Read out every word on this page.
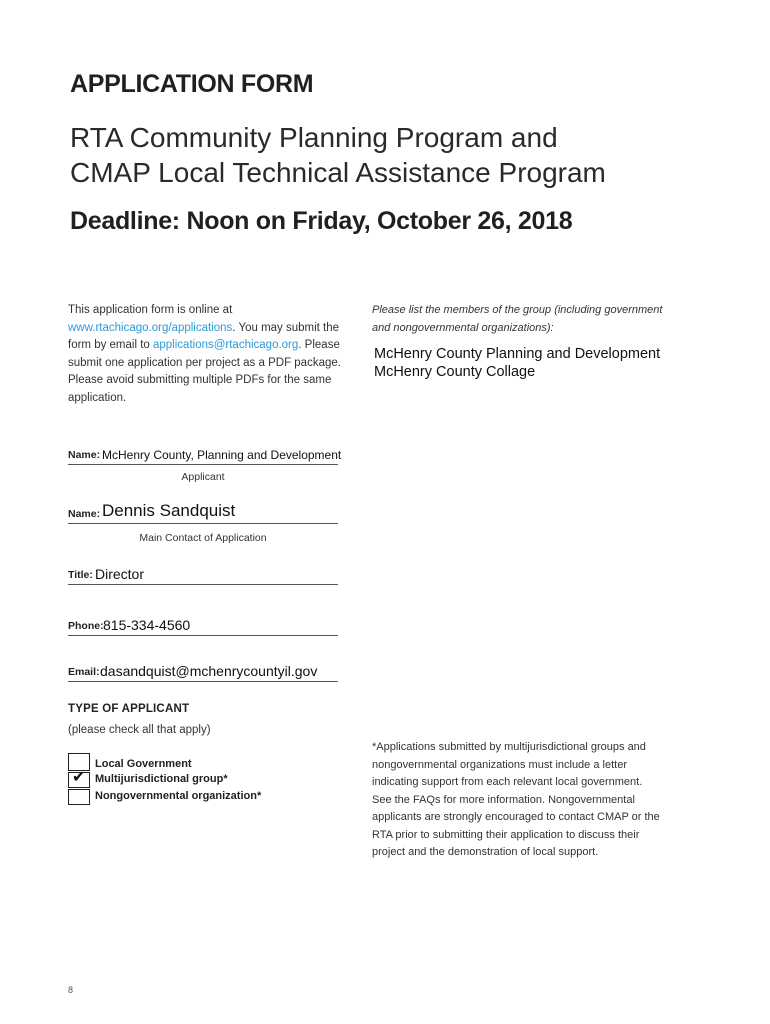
APPLICATION FORM
RTA Community Planning Program and
CMAP Local Technical Assistance Program
Deadline: Noon on Friday, October 26, 2018
This application form is online at www.rtachicago.org/applications. You may submit the form by email to applications@rtachicago.org. Please submit one application per project as a PDF package. Please avoid submitting multiple PDFs for the same application.
Please list the members of the group (including government and nongovernmental organizations):
McHenry County Planning and Development
McHenry County Collage
Name: McHenry County, Planning and Development
Applicant
Name: Dennis Sandquist
Main Contact of Application
Title: Director
Phone: 815-334-4560
Email: dasandquist@mchenrycountyil.gov
TYPE OF APPLICANT
(please check all that apply)
Local Government
✔ Multijurisdictional group*
Nongovernmental organization*
*Applications submitted by multijurisdictional groups and nongovernmental organizations must include a letter indicating support from each relevant local government. See the FAQs for more information. Nongovernmental applicants are strongly encouraged to contact CMAP or the RTA prior to submitting their application to discuss their project and the demonstration of local support.
8
